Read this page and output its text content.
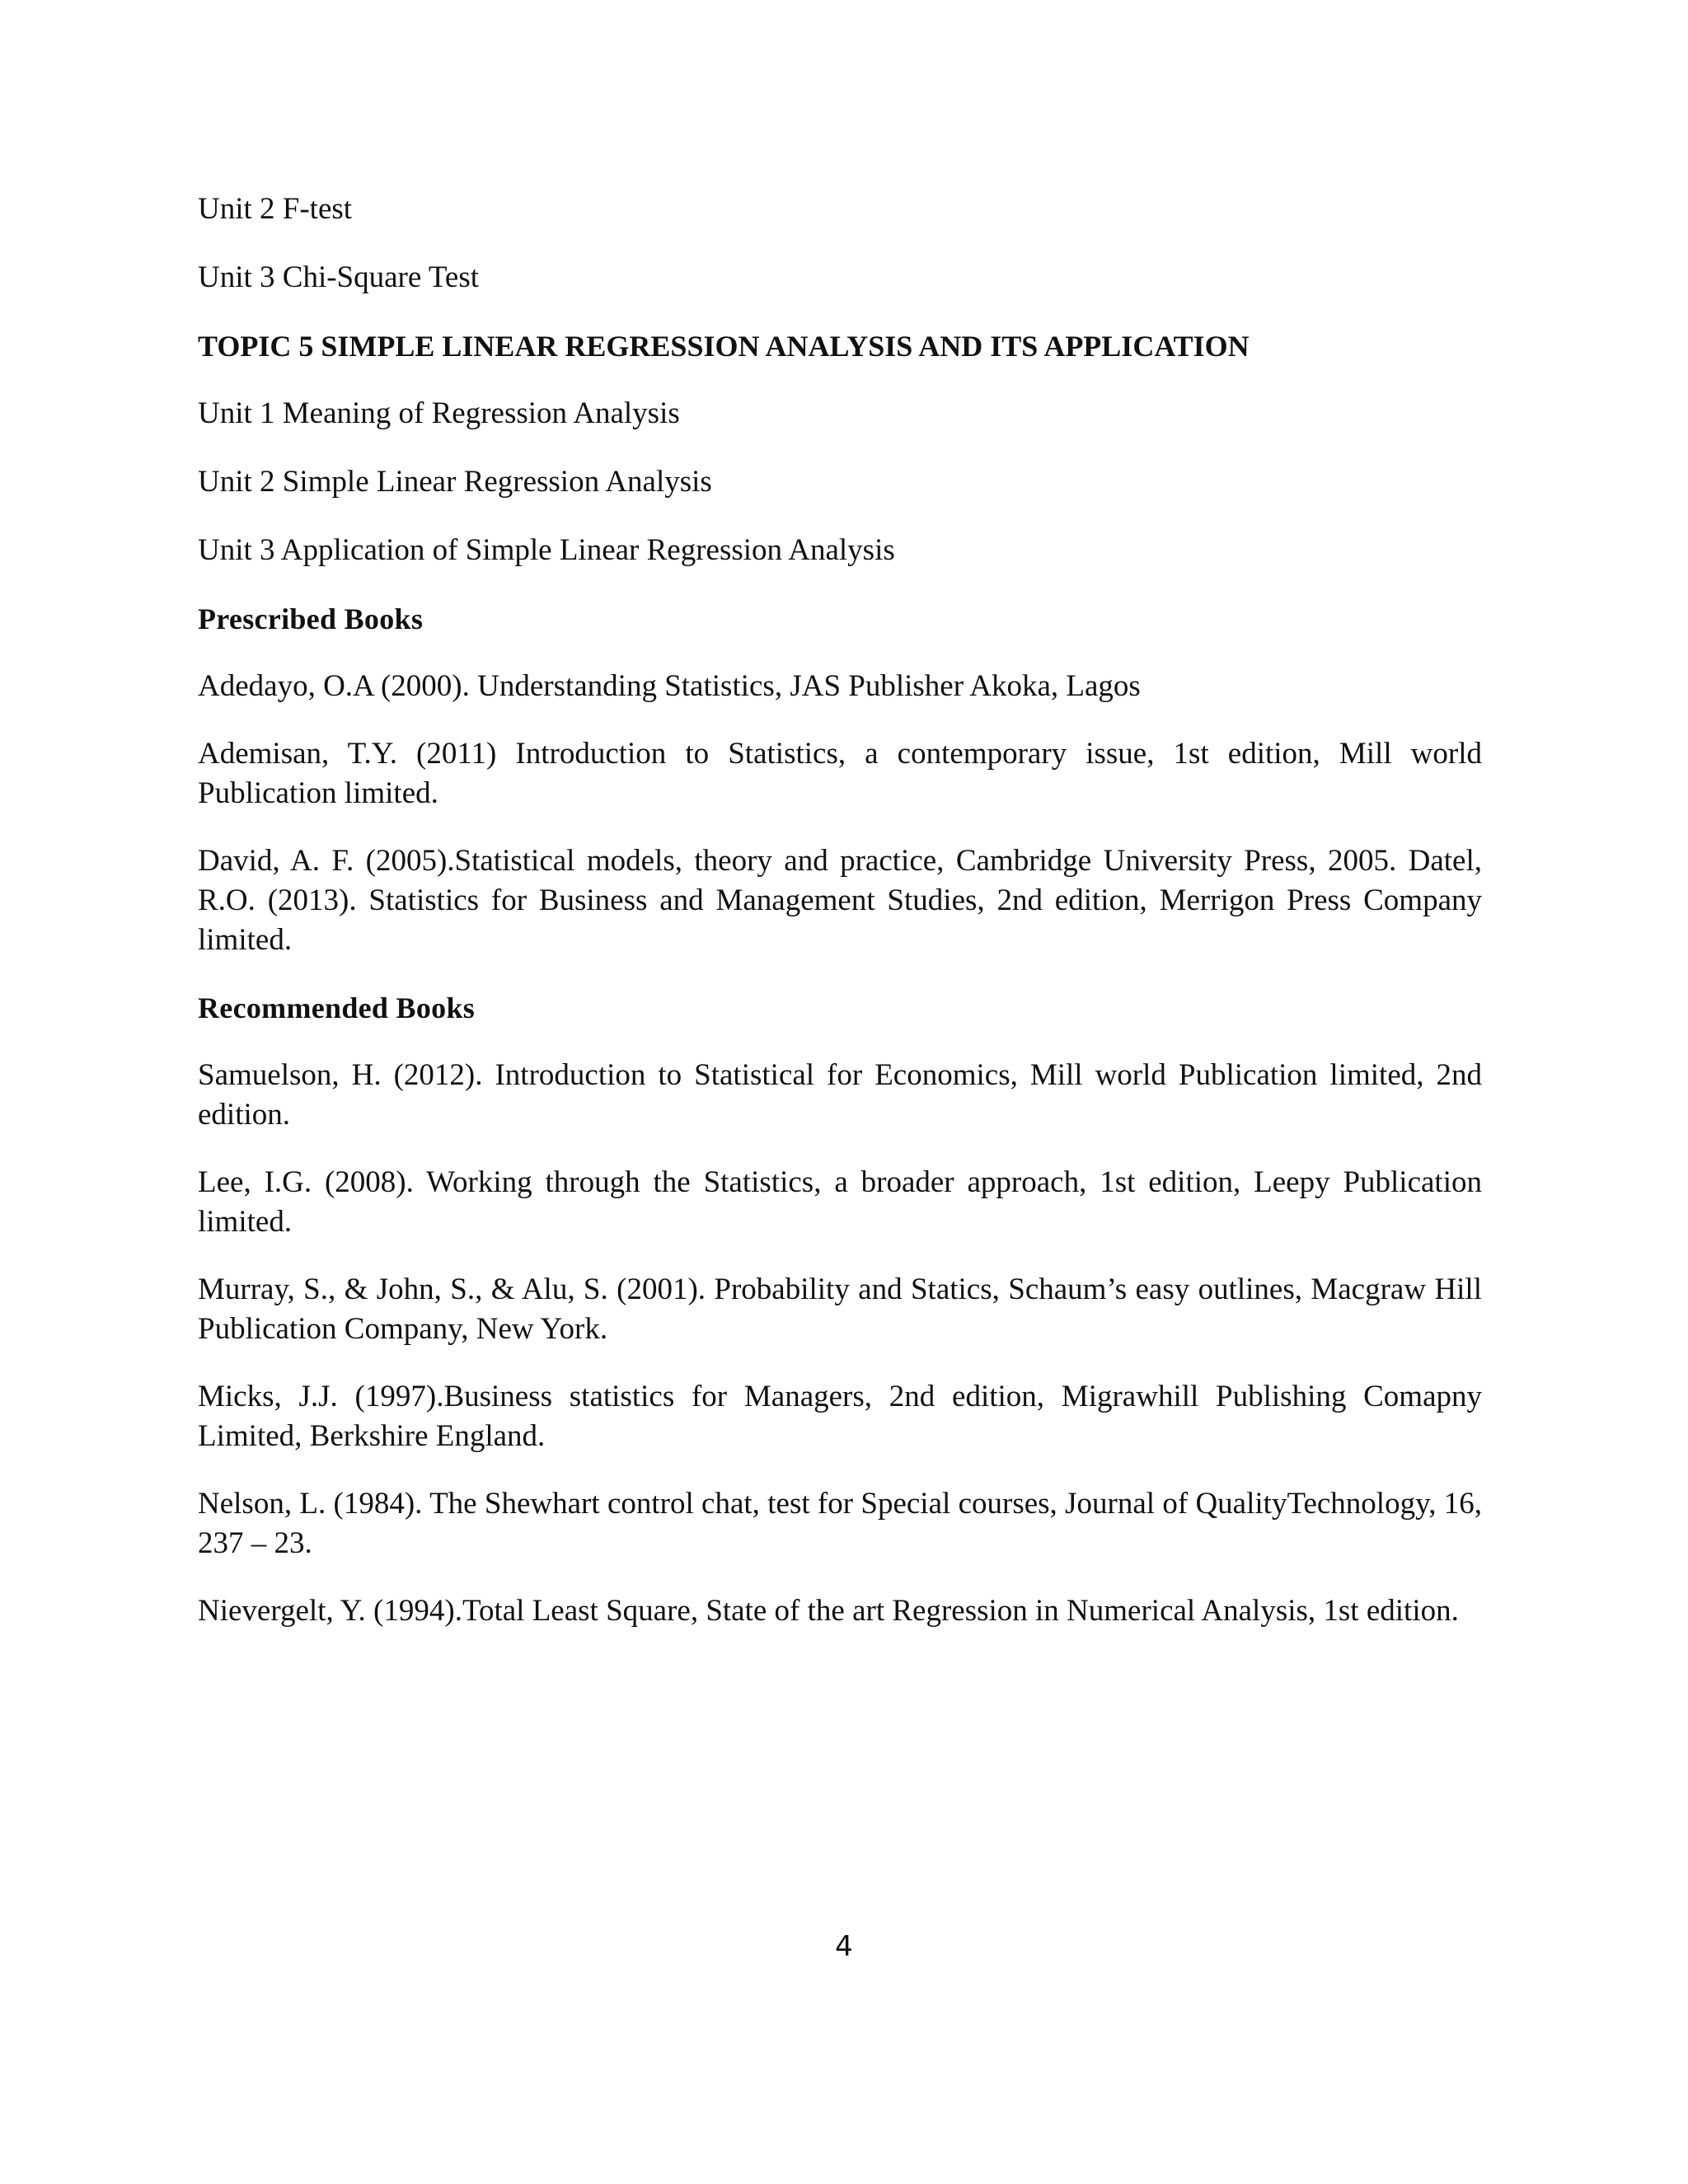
Unit 2 F-test

Unit 3 Chi-Square Test

TOPIC 5 SIMPLE LINEAR REGRESSION ANALYSIS AND ITS APPLICATION

Unit 1 Meaning of Regression Analysis

Unit 2 Simple Linear Regression Analysis

Unit 3 Application of Simple Linear Regression Analysis

Prescribed Books

Adedayo, O.A (2000). Understanding Statistics, JAS Publisher Akoka, Lagos

Ademisan, T.Y. (2011) Introduction to Statistics, a contemporary issue, 1st edition, Mill world Publication limited.

David, A. F. (2005).Statistical models, theory and practice, Cambridge University Press, 2005. Datel, R.O. (2013). Statistics for Business and Management Studies, 2nd edition, Merrigon Press Company limited.

Recommended Books

Samuelson, H. (2012). Introduction to Statistical for Economics, Mill world Publication limited, 2nd edition.

Lee, I.G. (2008). Working through the Statistics, a broader approach, 1st edition, Leepy Publication limited.

Murray, S., & John, S., & Alu, S. (2001). Probability and Statics, Schaum’s easy outlines, Macgraw Hill Publication Company, New York.

Micks, J.J. (1997).Business statistics for Managers, 2nd edition, Migrawhill Publishing Comapny Limited, Berkshire England.

Nelson, L. (1984). The Shewhart control chat, test for Special courses, Journal of QualityTechnology, 16, 237 – 23.

Nievergelt, Y. (1994).Total Least Square, State of the art Regression in Numerical Analysis, 1st edition.

4
